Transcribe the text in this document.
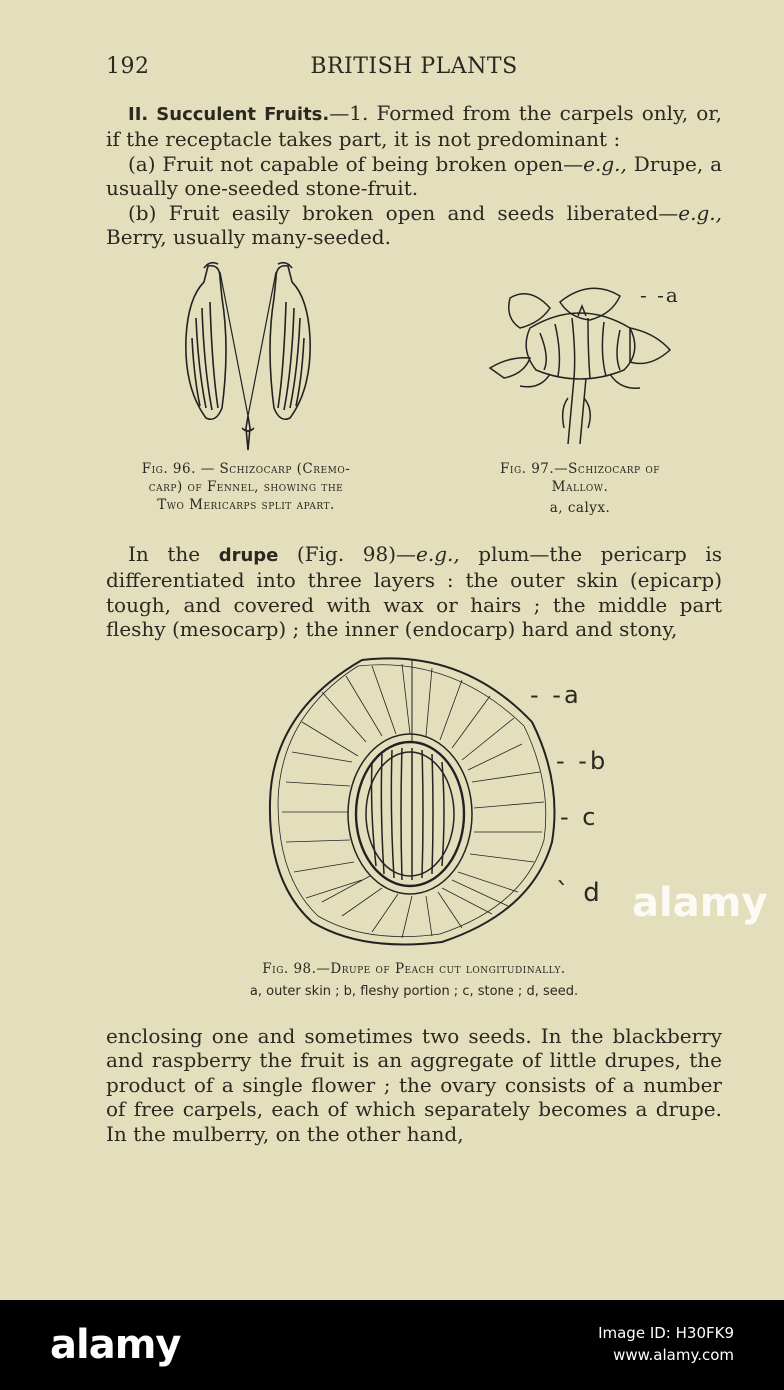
192	BRITISH PLANTS

II. Succulent Fruits.—1. Formed from the carpels only, or, if the receptacle takes part, it is not predominant :

(a) Fruit not capable of being broken open—e.g., Drupe, a usually one-seeded stone-fruit.

(b) Fruit easily broken open and seeds liberated—e.g., Berry, usually many-seeded.

- -a
Fig. 96. — Schizocarp (Cremo-
carp) of Fennel, showing the
Two Mericarps split apart.
Fig. 97.—Schizocarp of
Mallow.
a, calyx.

In the drupe (Fig. 98)—e.g., plum—the pericarp is differentiated into three layers : the outer skin (epicarp) tough, and covered with wax or hairs ; the middle part fleshy (mesocarp) ; the inner (endocarp) hard and stony,

- -a
- -b
- c
` d
Fig. 98.—Drupe of Peach cut longitudinally.
a, outer skin ; b, fleshy portion ; c, stone ; d, seed.

enclosing one and sometimes two seeds. In the blackberry and raspberry the fruit is an aggregate of little drupes, the product of a single flower ; the ovary consists of a number of free carpels, each of which separately becomes a drupe. In the mulberry, on the other hand,

alamy
alamy	Image ID: H30FK9
www.alamy.com
